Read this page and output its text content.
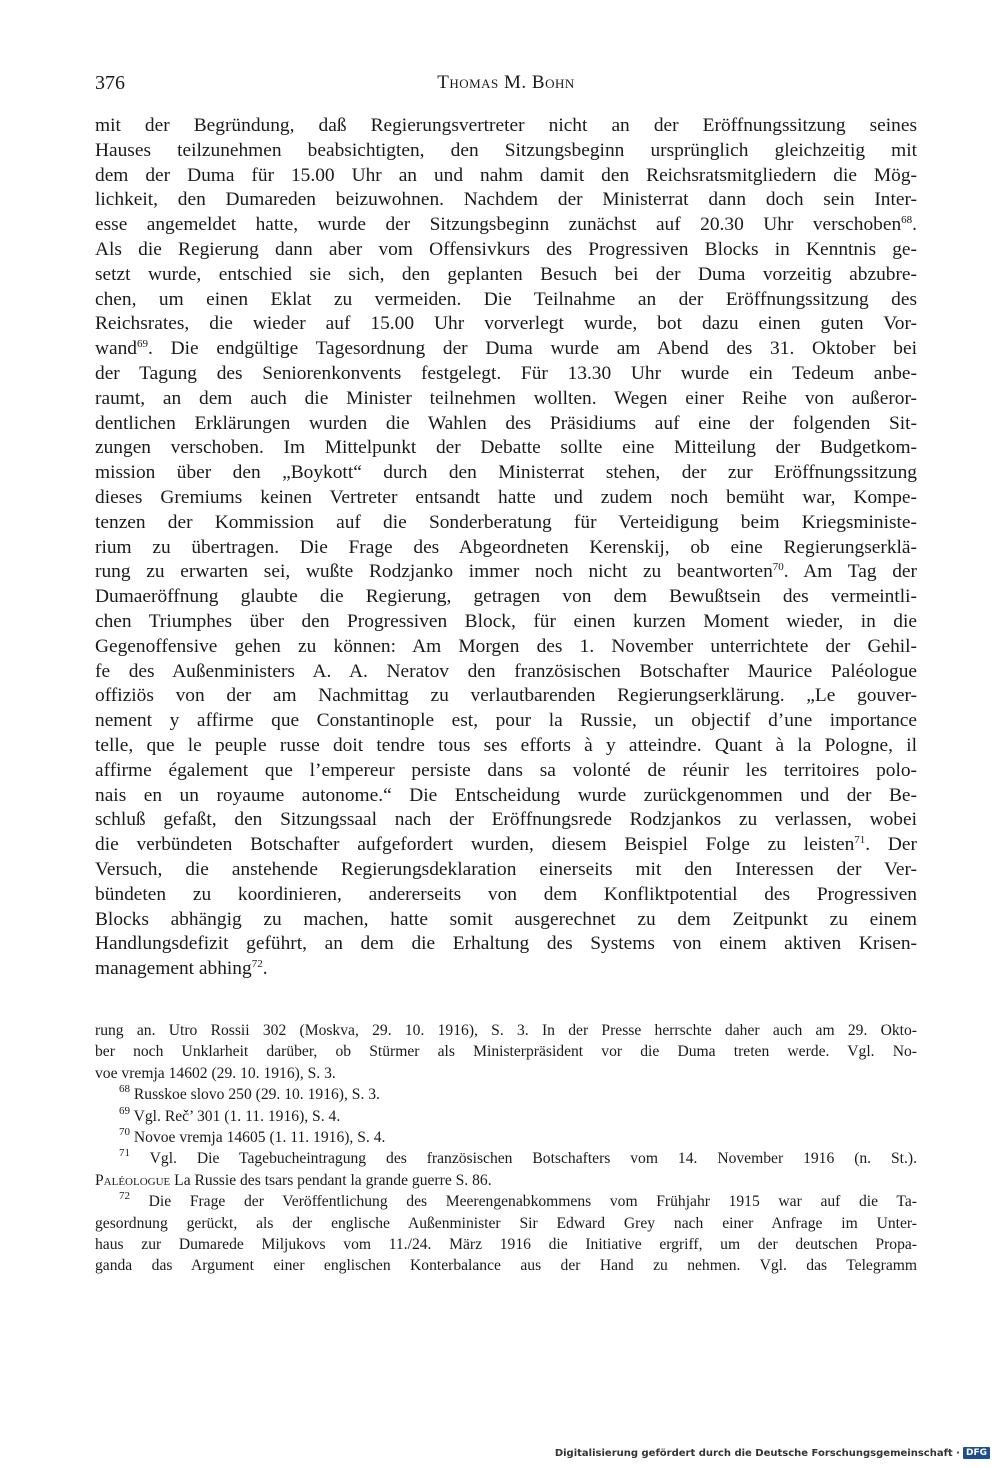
376	Thomas M. Bohn
mit der Begründung, daß Regierungsvertreter nicht an der Eröffnungssitzung seines
Hauses teilzunehmen beabsichtigten, den Sitzungsbeginn ursprünglich gleichzeitig mit
dem der Duma für 15.00 Uhr an und nahm damit den Reichsratsmitgliedern die Mög-
lichkeit, den Dumareden beizuwohnen. Nachdem der Ministerrat dann doch sein Inter-
esse angemeldet hatte, wurde der Sitzungsbeginn zunächst auf 20.30 Uhr verschoben$^{68}$.
Als die Regierung dann aber vom Offensivkurs des Progressiven Blocks in Kenntnis ge-
setzt wurde, entschied sie sich, den geplanten Besuch bei der Duma vorzeitig abzubre-
chen, um einen Eklat zu vermeiden. Die Teilnahme an der Eröffnungssitzung des
Reichsrates, die wieder auf 15.00 Uhr vorverlegt wurde, bot dazu einen guten Vor-
wand$^{69}$. Die endgültige Tagesordnung der Duma wurde am Abend des 31. Oktober bei
der Tagung des Seniorenkonvents festgelegt. Für 13.30 Uhr wurde ein Tedeum anbe-
raumt, an dem auch die Minister teilnehmen wollten. Wegen einer Reihe von außeror-
dentlichen Erklärungen wurden die Wahlen des Präsidiums auf eine der folgenden Sit-
zungen verschoben. Im Mittelpunkt der Debatte sollte eine Mitteilung der Budgetkom-
mission über den „Boykott“ durch den Ministerrat stehen, der zur Eröffnungssitzung
dieses Gremiums keinen Vertreter entsandt hatte und zudem noch bemüht war, Kompe-
tenzen der Kommission auf die Sonderberatung für Verteidigung beim Kriegsministe-
rium zu übertragen. Die Frage des Abgeordneten Kerenskij, ob eine Regierungserklä-
rung zu erwarten sei, wußte Rodzjanko immer noch nicht zu beantworten$^{70}$. Am Tag der
Dumaeröffnung glaubte die Regierung, getragen von dem Bewußtsein des vermeintli-
chen Triumphes über den Progressiven Block, für einen kurzen Moment wieder, in die
Gegenoffensive gehen zu können: Am Morgen des 1. November unterrichtete der Gehil-
fe des Außenministers A. A. Neratov den französischen Botschafter Maurice Paléologue
offiziös von der am Nachmittag zu verlautbarenden Regierungserklärung. „Le gouver-
nement y affirme que Constantinople est, pour la Russie, un objectif d’une importance
telle, que le peuple russe doit tendre tous ses efforts à y atteindre. Quant à la Pologne, il
affirme également que l’empereur persiste dans sa volonté de réunir les territoires polo-
nais en un royaume autonome.“ Die Entscheidung wurde zurückgenommen und der Be-
schluß gefaßt, den Sitzungssaal nach der Eröffnungsrede Rodzjankos zu verlassen, wobei
die verbündeten Botschafter aufgefordert wurden, diesem Beispiel Folge zu leisten$^{71}$. Der
Versuch, die anstehende Regierungsdeklaration einerseits mit den Interessen der Ver-
bündeten zu koordinieren, andererseits von dem Konfliktpotential des Progressiven
Blocks abhängig zu machen, hatte somit ausgerechnet zu dem Zeitpunkt zu einem
Handlungsdefizit geführt, an dem die Erhaltung des Systems von einem aktiven Krisen-
management abhing$^{72}$.
rung an. Utro Rossii 302 (Moskva, 29. 10. 1916), S. 3. In der Presse herrschte daher auch am 29. Okto-
ber noch Unklarheit darüber, ob Stürmer als Ministerpräsident vor die Duma treten werde. Vgl. No-
voe vremja 14602 (29. 10. 1916), S. 3.
$^{68}$ Russkoe slovo 250 (29. 10. 1916), S. 3.
$^{69}$ Vgl. Reč’ 301 (1. 11. 1916), S. 4.
$^{70}$ Novoe vremja 14605 (1. 11. 1916), S. 4.
$^{71}$ Vgl. Die Tagebucheintragung des französischen Botschafters vom 14. November 1916 (n. St.).
Paléologue La Russie des tsars pendant la grande guerre S. 86.
$^{72}$ Die Frage der Veröffentlichung des Meerengenabkommens vom Frühjahr 1915 war auf die Ta-
gesordnung gerückt, als der englische Außenminister Sir Edward Grey nach einer Anfrage im Unter-
haus zur Dumarede Miljukovs vom 11./24. März 1916 die Initiative ergriff, um der deutschen Propa-
ganda das Argument einer englischen Konterbalance aus der Hand zu nehmen. Vgl. das Telegramm
Digitalisierung gefördert durch die Deutsche Forschungsgemeinschaft · DFG
